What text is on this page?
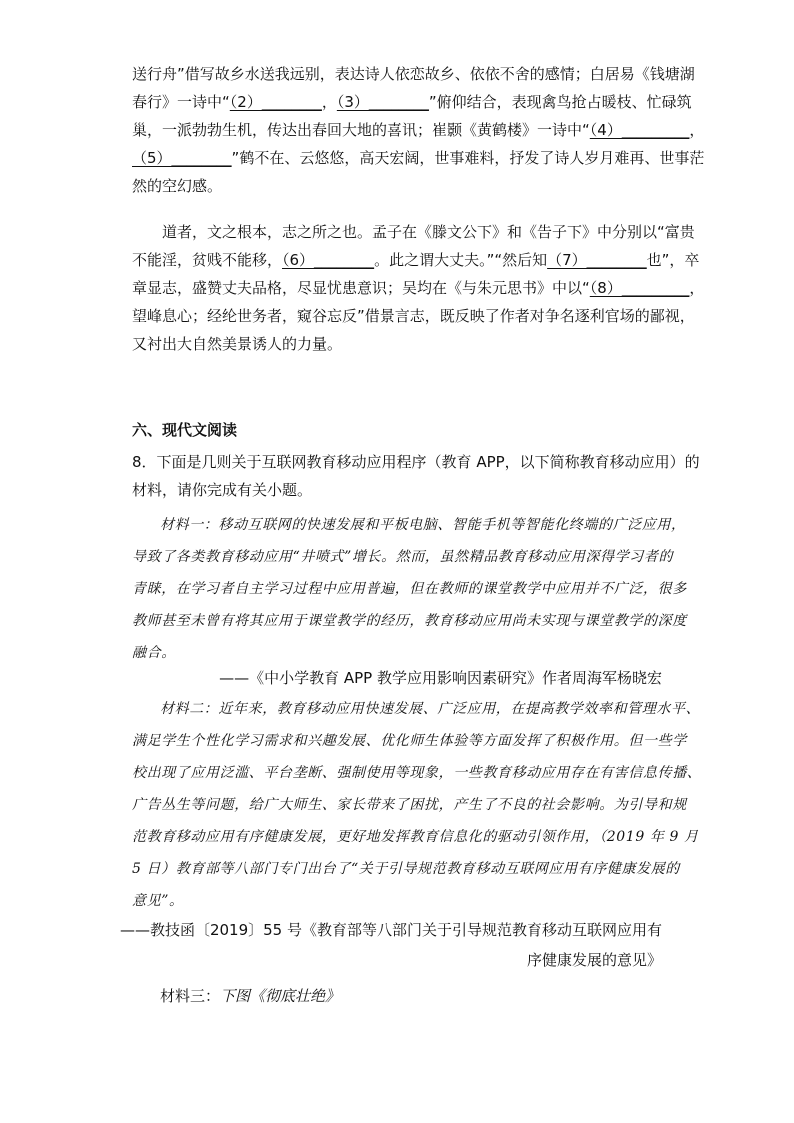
送行舟”借写故乡水送我远别，表达诗人依恋故乡、依依不舍的感情；白居易《钱塘湖
春行》一诗中“（2）________，（3）________”俯仰结合，表现禽鸟抢占暖枝、忙碌筑
巢，一派勃勃生机，传达出春回大地的喜讯；崔颢《黄鹤楼》一诗中“（4）_________，
（5）________”鹤不在、云悠悠，高天宏阔，世事难料，抒发了诗人岁月难再、世事茫
然的空幻感。
道者，文之根本，志之所之也。孟子在《滕文公下》和《告子下》中分别以“富贵
不能淫，贫贱不能移，（6）________。此之谓大丈夫。”“然后知（7）________也”，卒
章显志，盛赞丈夫品格，尽显忧患意识；吴均在《与朱元思书》中以“（8）_________，
望峰息心；经纶世务者，窥谷忘反”借景言志，既反映了作者对争名逐利官场的鄙视，
又衬出大自然美景诱人的力量。
六、现代文阅读
8．下面是几则关于互联网教育移动应用程序（教育 APP，以下简称教育移动应用）的
材料，请你完成有关小题。
材料一：移动互联网的快速发展和平板电脑、智能手机等智能化终端的广泛应用，
导致了各类教育移动应用“井喷式”增长。然而，虽然精品教育移动应用深得学习者的
青睐，在学习者自主学习过程中应用普遍，但在教师的课堂教学中应用并不广泛，很多
教师甚至未曾有将其应用于课堂教学的经历，教育移动应用尚未实现与课堂教学的深度
融合。
——《中小学教育 APP 教学应用影响因素研究》作者周海军杨晓宏
材料二：近年来，教育移动应用快速发展、广泛应用，在提高教学效率和管理水平、
满足学生个性化学习需求和兴趣发展、优化师生体验等方面发挥了积极作用。但一些学
校出现了应用泛滥、平台垄断、强制使用等现象，一些教育移动应用存在有害信息传播、
广告丛生等问题，给广大师生、家长带来了困扰，产生了不良的社会影响。为引导和规
范教育移动应用有序健康发展，更好地发挥教育信息化的驱动引领作用，（2019 年 9 月
5 日）教育部等八部门专门出台了“关于引导规范教育移动互联网应用有序健康发展的
意见”。
——教技函〔2019〕55 号《教育部等八部门关于引导规范教育移动互联网应用有
序健康发展的意见》
材料三：下图《彻底壮绝》
